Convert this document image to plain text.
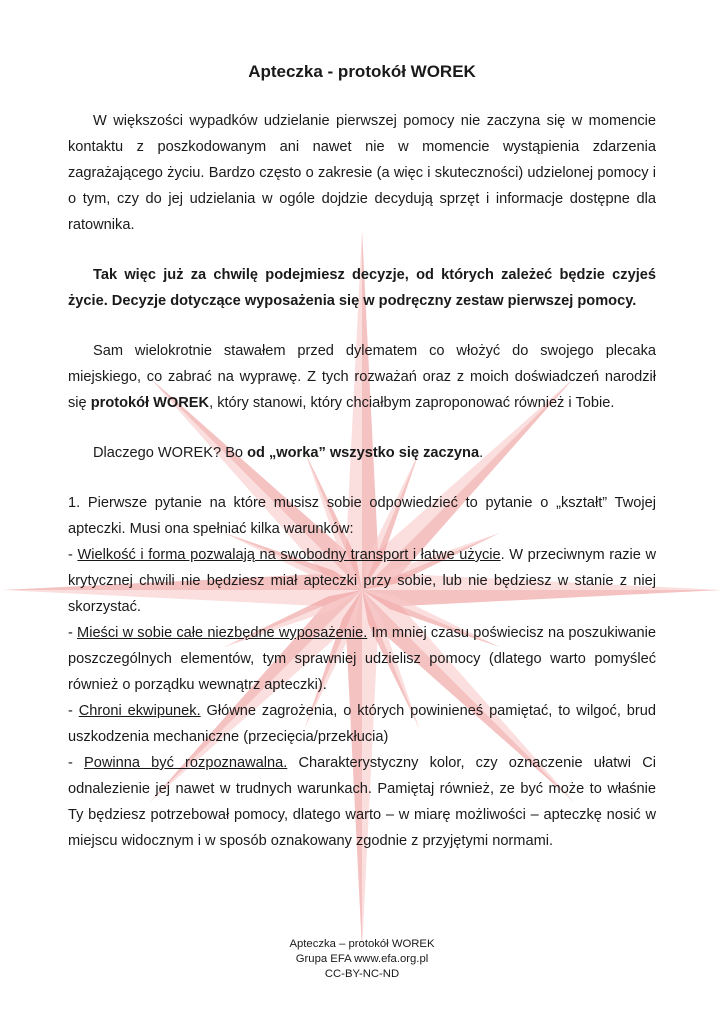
Apteczka - protokół WOREK

W większości wypadków udzielanie pierwszej pomocy nie zaczyna się w momencie kontaktu z poszkodowanym ani nawet nie w momencie wystąpienia zdarzenia zagrażającego życiu. Bardzo często o zakresie (a więc i skuteczności) udzielonej pomocy i o tym, czy do jej udzielania w ogóle dojdzie decydują sprzęt i informacje dostępne dla ratownika.

Tak więc już za chwilę podejmiesz decyzje, od których zależeć będzie czyjeś życie. Decyzje dotyczące wyposażenia się w podręczny zestaw pierwszej pomocy.

Sam wielokrotnie stawałem przed dylematem co włożyć do swojego plecaka miejskiego, co zabrać na wyprawę. Z tych rozważań oraz z moich doświadczeń narodził się protokół WOREK, który stanowi, który chciałbym zaproponować również i Tobie.

Dlaczego WOREK? Bo od „worka” wszystko się zaczyna.

1. Pierwsze pytanie na które musisz sobie odpowiedzieć to pytanie o „kształt” Twojej apteczki. Musi ona spełniać kilka warunków:

- Wielkość i forma pozwalają na swobodny transport i łatwe użycie. W przeciwnym razie w krytycznej chwili nie będziesz miał apteczki przy sobie, lub nie będziesz w stanie z niej skorzystać.

- Mieści w sobie całe niezbędne wyposażenie. Im mniej czasu poświecisz na poszukiwanie poszczególnych elementów, tym sprawniej udzielisz pomocy (dlatego warto pomyśleć również o porządku wewnątrz apteczki).

- Chroni ekwipunek. Główne zagrożenia, o których powinieneś pamiętać, to wilgoć, brud uszkodzenia mechaniczne (przecięcia/przekłucia)

- Powinna być rozpoznawalna. Charakterystyczny kolor, czy oznaczenie ułatwi Ci odnalezienie jej nawet w trudnych warunkach. Pamiętaj również, ze być może to właśnie Ty będziesz potrzebował pomocy, dlatego warto – w miarę możliwości – apteczkę nosić w miejscu widocznym i w sposób oznakowany zgodnie z przyjętymi normami.

Apteczka – protokół WOREK
Grupa EFA www.efa.org.pl
CC-BY-NC-ND
